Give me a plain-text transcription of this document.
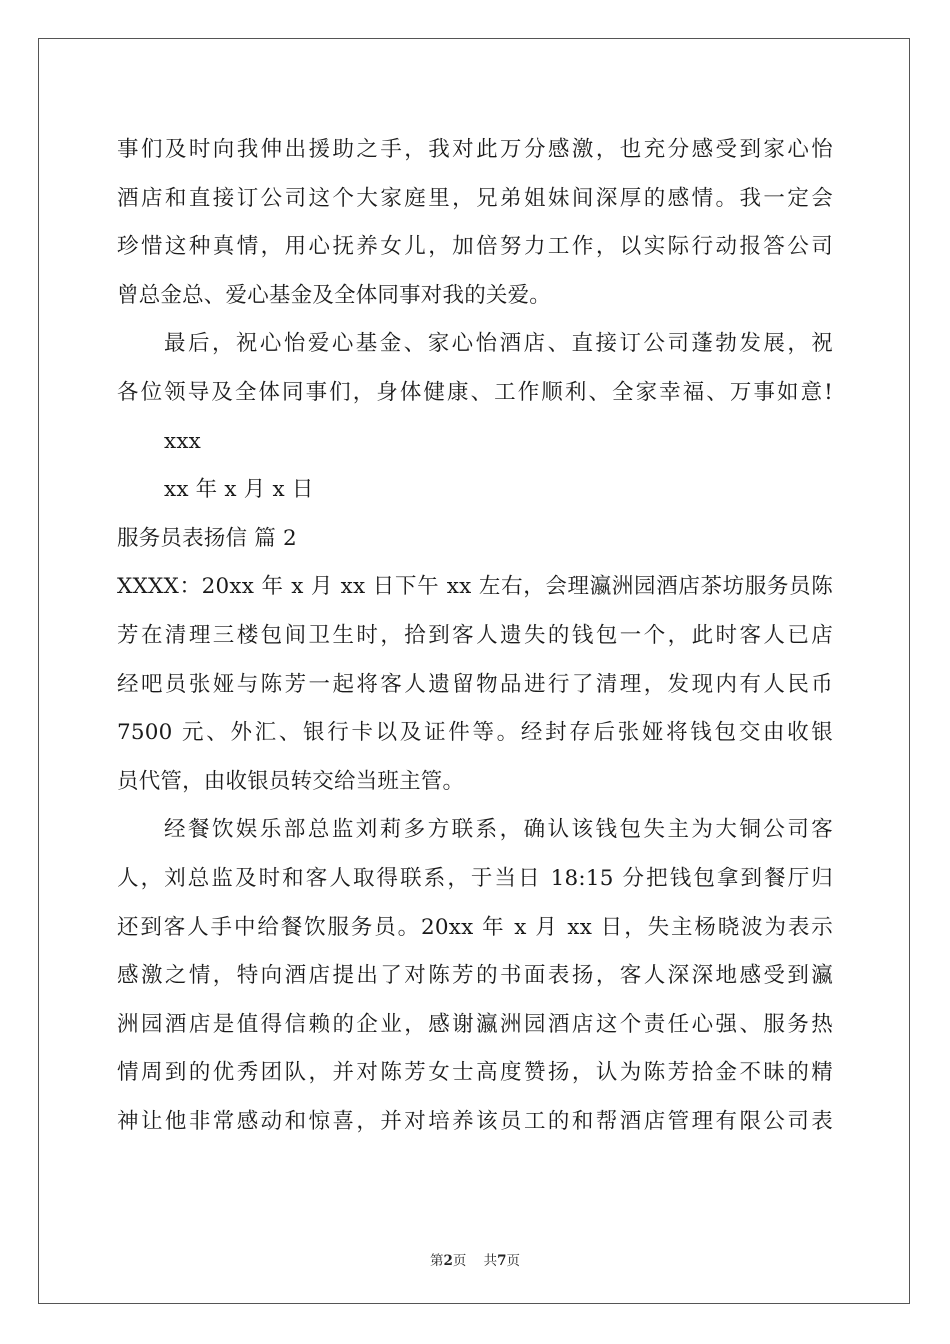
事们及时向我伸出援助之手，我对此万分感激，也充分感受到家心怡
酒店和直接订公司这个大家庭里，兄弟姐妹间深厚的感情。我一定会
珍惜这种真情，用心抚养女儿，加倍努力工作，以实际行动报答公司
曾总金总、爱心基金及全体同事对我的关爱。
最后，祝心怡爱心基金、家心怡酒店、直接订公司蓬勃发展，祝
各位领导及全体同事们，身体健康、工作顺利、全家幸福、万事如意!
xxx
xx 年 x 月 x 日
服务员表扬信 篇 2
XXXX：20xx 年 x 月 xx 日下午 xx 左右，会理瀛洲园酒店茶坊服务员陈
芳在清理三楼包间卫生时，拾到客人遗失的钱包一个，此时客人已店
经吧员张娅与陈芳一起将客人遗留物品进行了清理，发现内有人民币
7500 元、外汇、银行卡以及证件等。经封存后张娅将钱包交由收银
员代管，由收银员转交给当班主管。
经餐饮娱乐部总监刘莉多方联系，确认该钱包失主为大铜公司客
人，刘总监及时和客人取得联系，于当日 18:15 分把钱包拿到餐厅归
还到客人手中给餐饮服务员。20xx 年 x 月 xx 日，失主杨晓波为表示
感激之情，特向酒店提出了对陈芳的书面表扬，客人深深地感受到瀛
洲园酒店是值得信赖的企业，感谢瀛洲园酒店这个责任心强、服务热
情周到的优秀团队，并对陈芳女士高度赞扬，认为陈芳拾金不昧的精
神让他非常感动和惊喜，并对培养该员工的和帮酒店管理有限公司表
第2页    共7页
